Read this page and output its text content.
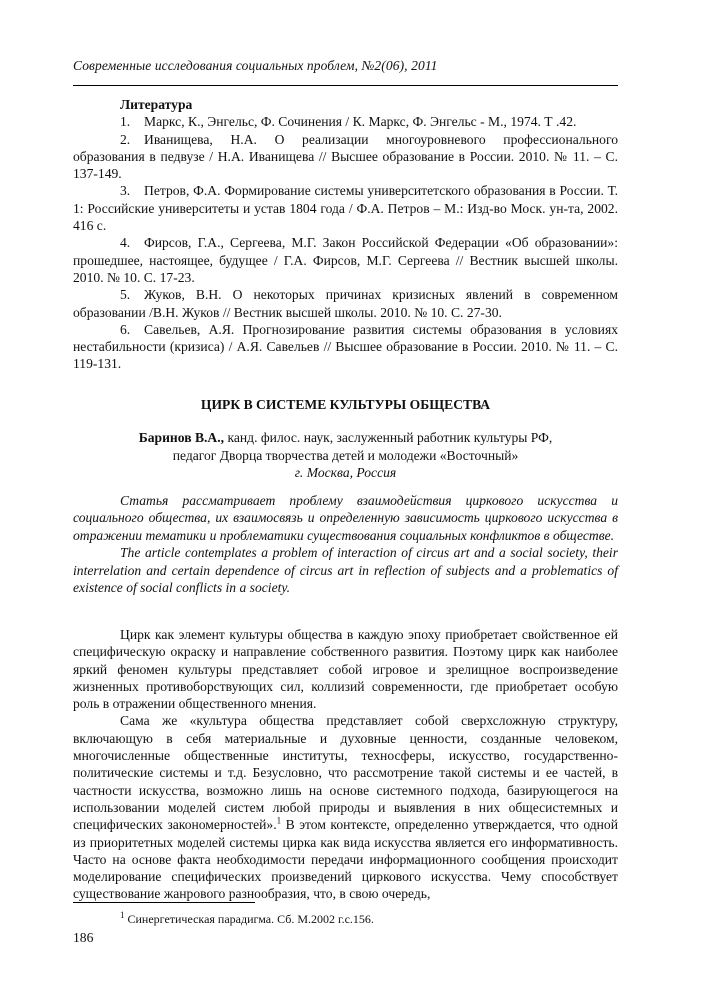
Современные исследования социальных проблем, №2(06), 2011
Литература

1. Маркс, К., Энгельс, Ф. Сочинения / К. Маркс, Ф. Энгельс - М., 1974. Т .42.

2. Иванищева, Н.А. О реализации многоуровневого профессионального образования в педвузе / Н.А. Иванищева // Высшее образование в России. 2010. № 11. – С. 137-149.

3. Петров, Ф.А. Формирование системы университетского образования в России. Т. 1: Российские университеты и устав 1804 года / Ф.А. Петров – М.: Изд-во Моск. ун-та, 2002. 416 с.

4. Фирсов, Г.А., Сергеева, М.Г. Закон Российской Федерации «Об образовании»: прошедшее, настоящее, будущее / Г.А. Фирсов, М.Г. Сергеева // Вестник высшей школы. 2010. № 10. С. 17-23.

5. Жуков, В.Н. О некоторых причинах кризисных явлений в современном образовании /В.Н. Жуков // Вестник высшей школы. 2010. № 10. С. 27-30.

6. Савельев, А.Я. Прогнозирование развития системы образования в условиях нестабильности (кризиса) / А.Я. Савельев // Высшее образование в России. 2010. № 11. – С. 119-131.

ЦИРК В СИСТЕМЕ КУЛЬТУРЫ ОБЩЕСТВА
Баринов В.А., канд. филос. наук, заслуженный работник культуры РФ,
педагог Дворца творчества детей и молодежи «Восточный»
г. Москва, Россия

Статья рассматривает проблему взаимодействия циркового искусства и социального общества, их взаимосвязь и определенную зависимость циркового искусства в отражении тематики и проблематики существования социальных конфликтов в обществе.

The article contemplates a problem of interaction of circus art and a social society, their interrelation and certain dependence of circus art in reflection of subjects and a problematics of existence of social conflicts in a society.

Цирк как элемент культуры общества в каждую эпоху приобретает свойственное ей специфическую окраску и направление собственного развития. Поэтому цирк как наиболее яркий феномен культуры представляет собой игровое и зрелищное воспроизведение жизненных противоборствующих сил, коллизий современности, где приобретает особую роль в отражении общественного мнения.

Сама же «культура общества представляет собой сверхсложную структуру, включающую в себя материальные и духовные ценности, созданные человеком, многочисленные общественные институты, техносферы, искусство, государственно-политические системы и т.д. Безусловно, что рассмотрение такой системы и ее частей, в частности искусства, возможно лишь на основе системного подхода, базирующегося на использовании моделей систем любой природы и выявления в них общесистемных и специфических закономерностей».$^1$ В этом контексте, определенно утверждается, что одной из приоритетных моделей системы цирка как вида искусства является его информативность. Часто на основе факта необходимости передачи информационного сообщения происходит моделирование специфических произведений циркового искусства. Чему способствует существование жанрового разнообразия, что, в свою очередь,

$^1$ Синергетическая парадигма. Сб. М.2002 г.с.156.
186
